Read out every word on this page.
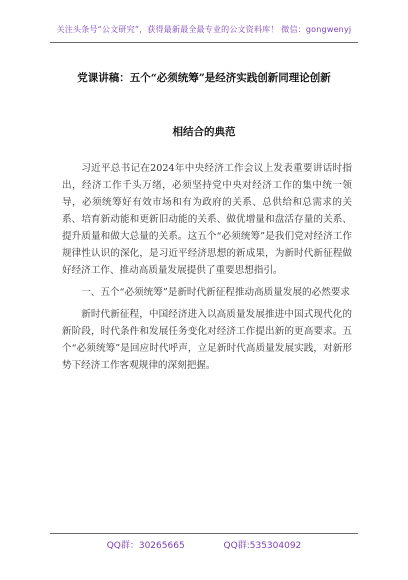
关注头条号“公文研究”，获得最新最全最专业的公文资料库！ 微信：gongwenyj
党课讲稿：五个“必须统筹”是经济实践创新同理论创新
相结合的典范

习近平总书记在2024年中央经济工作会议上发表重要讲话时指出，经济工作千头万绪，必须坚持党中央对经济工作的集中统一领导，必须统筹好有效市场和有为政府的关系、总供给和总需求的关系、培育新动能和更新旧动能的关系、做优增量和盘活存量的关系、提升质量和做大总量的关系。这五个“必须统筹”是我们党对经济工作规律性认识的深化，是习近平经济思想的新成果，为新时代新征程做好经济工作、推动高质量发展提供了重要思想指引。

一、五个“必须统筹”是新时代新征程推动高质量发展的必然要求

新时代新征程，中国经济进入以高质量发展推进中国式现代化的新阶段，时代条件和发展任务变化对经济工作提出新的更高要求。五个“必须统筹”是回应时代呼声，立足新时代高质量发展实践，对新形势下经济工作客观规律的深刻把握。

QQ群：30265665	QQ群:535304092
